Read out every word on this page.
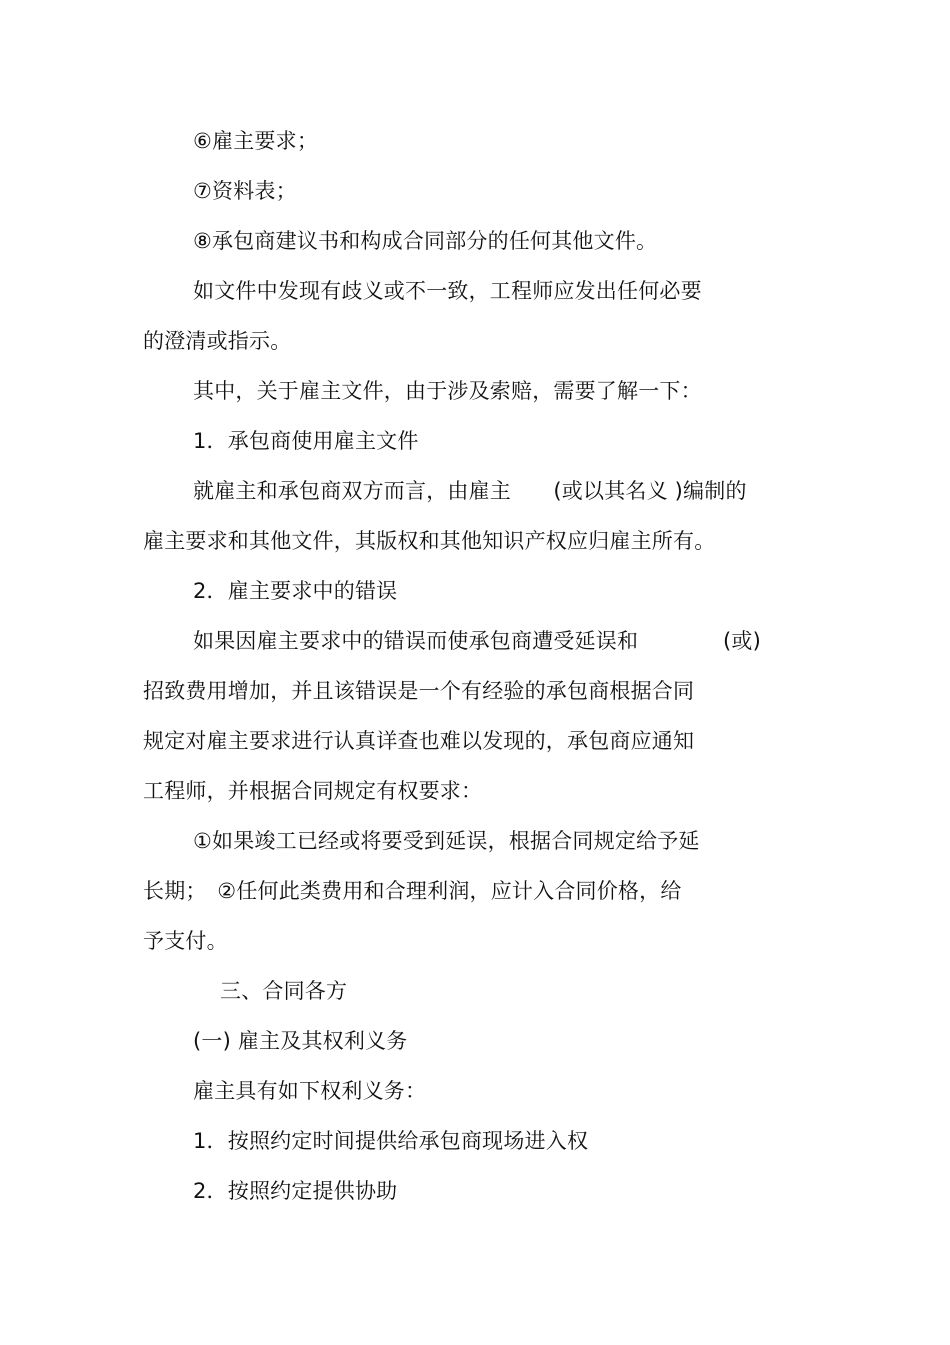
⑥雇主要求；
⑦资料表；
⑧承包商建议书和构成合同部分的任何其他文件。
如文件中发现有歧义或不一致，工程师应发出任何必要
的澄清或指示。
其中，关于雇主文件，由于涉及索赔，需要了解一下：
1．承包商使用雇主文件
就雇主和承包商双方而言，由雇主　　(或以其名义 )编制的
雇主要求和其他文件，其版权和其他知识产权应归雇主所有。
2．雇主要求中的错误
如果因雇主要求中的错误而使承包商遭受延误和　　　　(或)
招致费用增加，并且该错误是一个有经验的承包商根据合同
规定对雇主要求进行认真详查也难以发现的，承包商应通知
工程师，并根据合同规定有权要求：
①如果竣工已经或将要受到延误，根据合同规定给予延
长期；　②任何此类费用和合理利润，应计入合同价格，给
予支付。
三、合同各方
(一) 雇主及其权利义务
雇主具有如下权利义务：
1．按照约定时间提供给承包商现场进入权
2．按照约定提供协助
